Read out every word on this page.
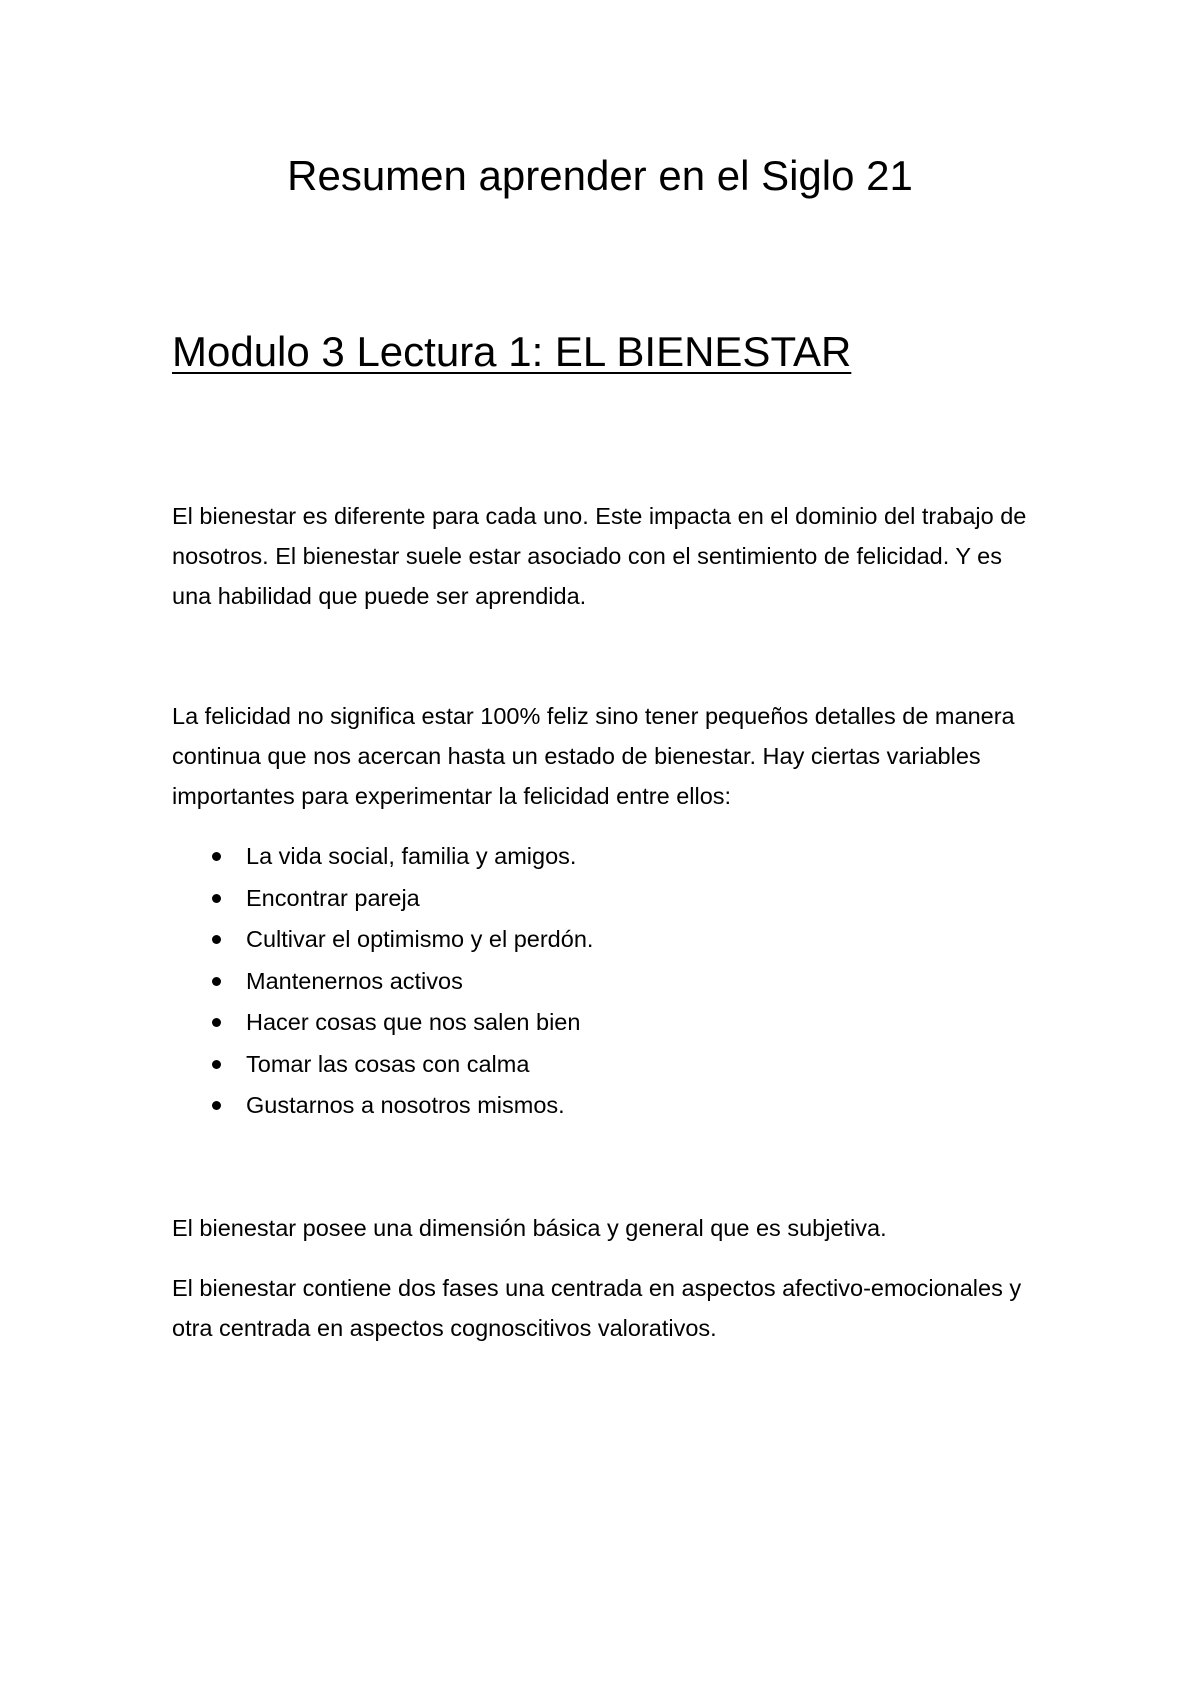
Resumen aprender en el Siglo 21
Modulo 3 Lectura 1: EL BIENESTAR

El bienestar es diferente para cada uno. Este impacta en el dominio del trabajo de nosotros. El bienestar suele estar asociado con el sentimiento de felicidad. Y es una habilidad que puede ser aprendida.

La felicidad no significa estar 100% feliz sino tener pequeños detalles de manera continua que nos acercan hasta un estado de bienestar. Hay ciertas variables importantes para experimentar la felicidad entre ellos:

La vida social, familia y amigos.
Encontrar pareja
Cultivar el optimismo y el perdón.
Mantenernos activos
Hacer cosas que nos salen bien
Tomar las cosas con calma
Gustarnos a nosotros mismos.

El bienestar posee una dimensión básica y general que es subjetiva.

El bienestar contiene dos fases una centrada en aspectos afectivo-emocionales y otra centrada en aspectos cognoscitivos valorativos.
